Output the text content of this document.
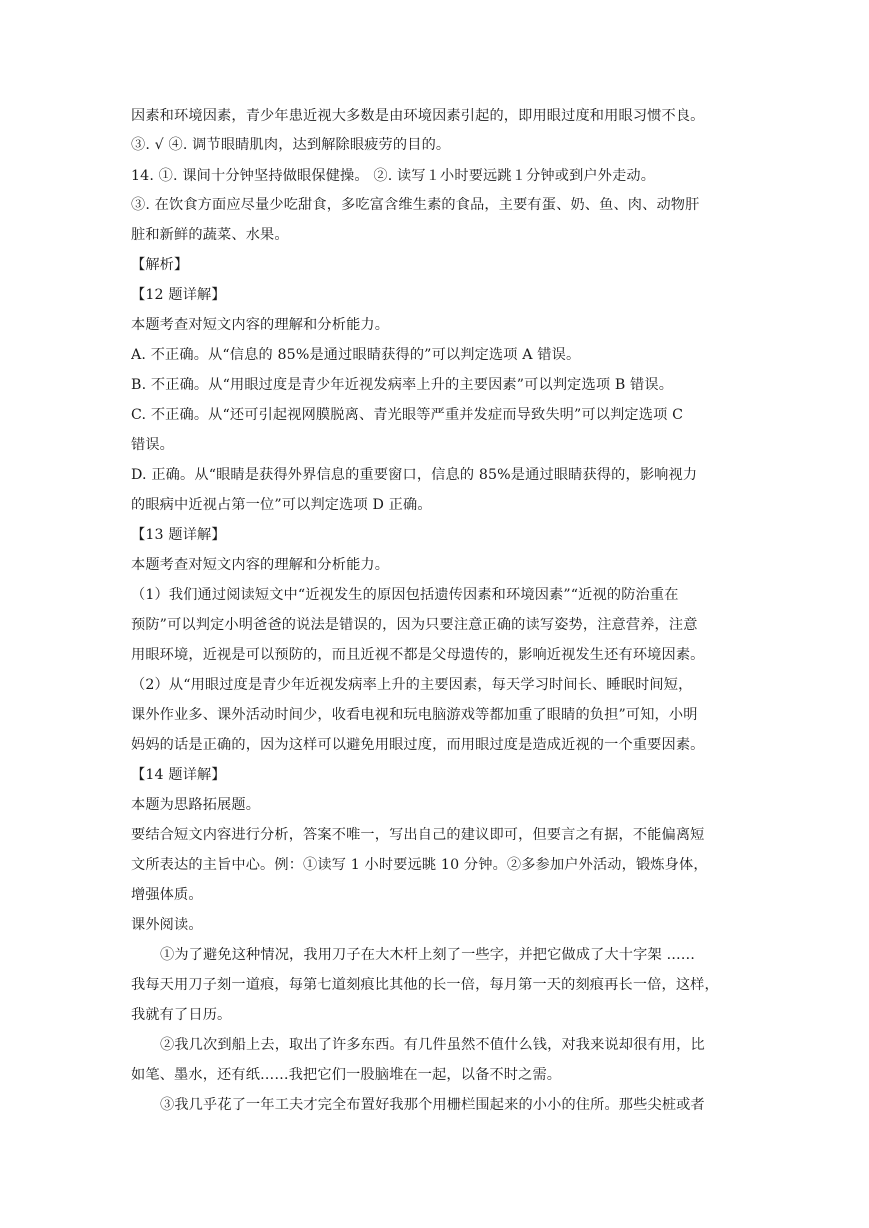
因素和环境因素，青少年患近视大多数是由环境因素引起的，即用眼过度和用眼习惯不良。
③. √ ④. 调节眼睛肌肉，达到解除眼疲劳的目的。
14. ①. 课间十分钟坚持做眼保健操。 ②. 读写１小时要远跳１分钟或到户外走动。
③. 在饮食方面应尽量少吃甜食，多吃富含维生素的食品，主要有蛋、奶、鱼、肉、动物肝
脏和新鲜的蔬菜、水果。
【解析】
【12 题详解】
本题考查对短文内容的理解和分析能力。
A. 不正确。从“信息的 85%是通过眼睛获得的”可以判定选项 A 错误。
B. 不正确。从“用眼过度是青少年近视发病率上升的主要因素”可以判定选项 B 错误。
C. 不正确。从“还可引起视网膜脱离、青光眼等严重并发症而导致失明”可以判定选项 C
错误。
D. 正确。从“眼睛是获得外界信息的重要窗口，信息的 85%是通过眼睛获得的，影响视力
的眼病中近视占第一位”可以判定选项 D 正确。
【13 题详解】
本题考查对短文内容的理解和分析能力。
（1）我们通过阅读短文中“近视发生的原因包括遗传因素和环境因素”“近视的防治重在
预防”可以判定小明爸爸的说法是错误的，因为只要注意正确的读写姿势，注意营养，注意
用眼环境，近视是可以预防的，而且近视不都是父母遗传的，影响近视发生还有环境因素。
（2）从“用眼过度是青少年近视发病率上升的主要因素，每天学习时间长、睡眠时间短，
课外作业多、课外活动时间少，收看电视和玩电脑游戏等都加重了眼睛的负担”可知，小明
妈妈的话是正确的，因为这样可以避免用眼过度，而用眼过度是造成近视的一个重要因素。
【14 题详解】
本题为思路拓展题。
要结合短文内容进行分析，答案不唯一，写出自己的建议即可，但要言之有据，不能偏离短
文所表达的主旨中心。例：①读写 1 小时要远眺 10 分钟。②多参加户外活动，锻炼身体，
增强体质。
课外阅读。
①为了避免这种情况，我用刀子在大木杆上刻了一些字，并把它做成了大十字架 ……
我每天用刀子刻一道痕，每第七道刻痕比其他的长一倍，每月第一天的刻痕再长一倍，这样，
我就有了日历。
②我几次到船上去，取出了许多东西。有几件虽然不值什么钱，对我来说却很有用，比
如笔、墨水，还有纸……我把它们一股脑堆在一起，以备不时之需。
③我几乎花了一年工夫才完全布置好我那个用栅栏围起来的小小的住所。那些尖桩或者
